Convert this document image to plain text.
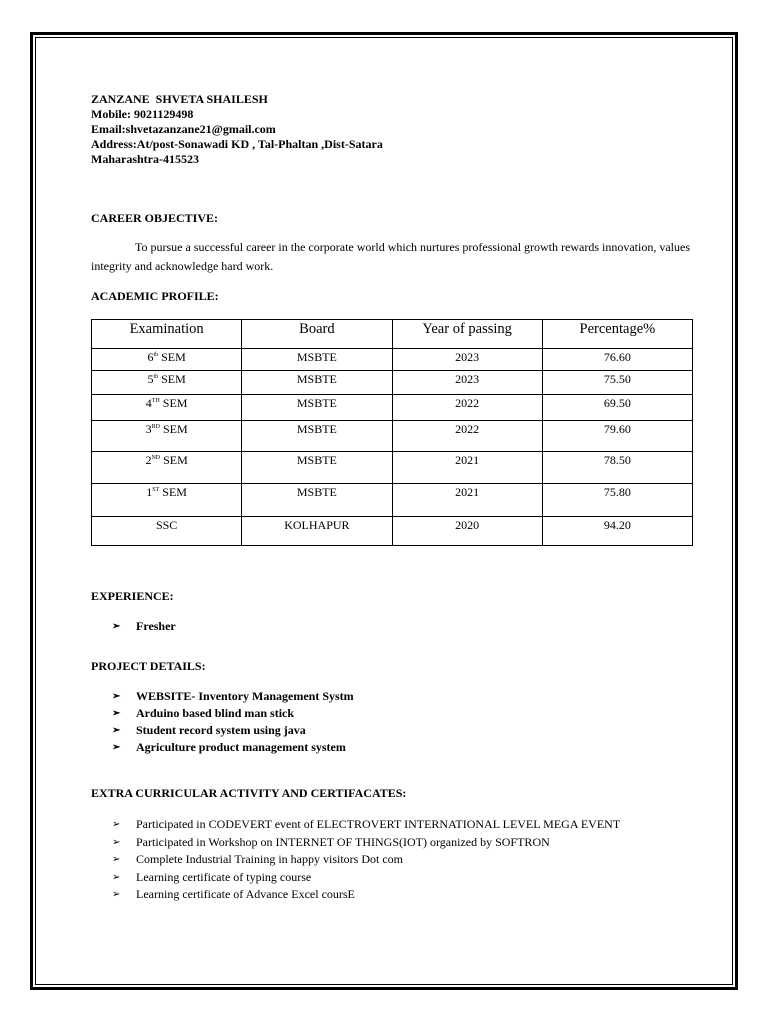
ZANZANE  SHVETA SHAILESH
Mobile: 9021129498
Email:shvetazanzane21@gmail.com
Address:At/post-Sonawadi KD , Tal-Phaltan ,Dist-Satara
Maharashtra-415523
CAREER OBJECTIVE:
To pursue a successful career in the corporate world which nurtures professional growth rewards innovation, values integrity and acknowledge hard work.
ACADEMIC PROFILE:
Examination	Board	Year of passing	Percentage%
6th SEM	MSBTE	2023	76.60
5th SEM	MSBTE	2023	75.50
4TH SEM	MSBTE	2022	69.50
3RD SEM	MSBTE	2022	79.60
2ND SEM	MSBTE	2021	78.50
1ST SEM	MSBTE	2021	75.80
SSC	KOLHAPUR	2020	94.20
EXPERIENCE:
➢ Fresher
PROJECT DETAILS:
➢ WEBSITE- Inventory Management Systm
➢ Arduino based blind man stick
➢ Student record system using java
➢ Agriculture product management system
EXTRA CURRICULAR ACTIVITY AND CERTIFACATES:
➢ Participated in CODEVERT event of ELECTROVERT INTERNATIONAL LEVEL MEGA EVENT
➢ Participated in Workshop on INTERNET OF THINGS(IOT) organized by SOFTRON
➢ Complete Industrial Training in happy visitors Dot com
➢ Learning certificate of typing course
➢ Learning certificate of Advance Excel coursE
